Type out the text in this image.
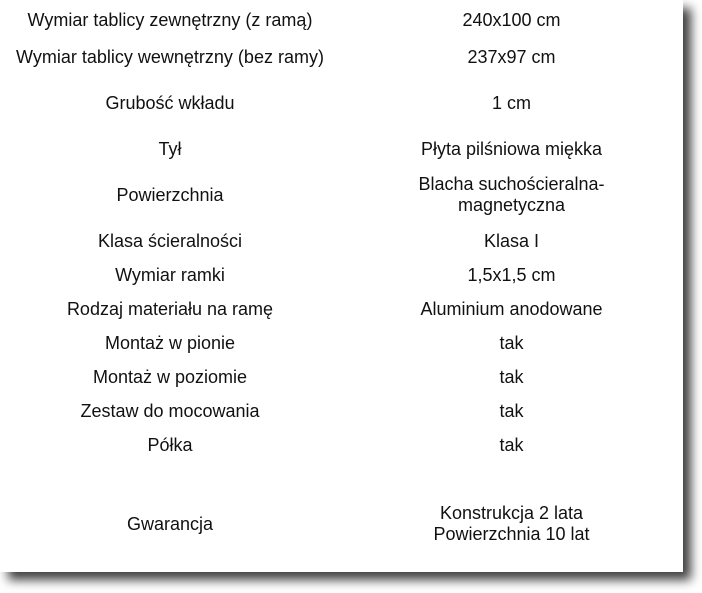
Wymiar tablicy zewnętrzny (z ramą)	240x100 cm
Wymiar tablicy wewnętrzny (bez ramy)	237x97 cm
Grubość wkładu	1 cm
Tył	Płyta pilśniowa miękka
Powierzchnia	Blacha suchościeralna-
magnetyczna
Klasa ścieralności	Klasa I
Wymiar ramki	1,5x1,5 cm
Rodzaj materiału na ramę	Aluminium anodowane
Montaż w pionie	tak
Montaż w poziomie	tak
Zestaw do mocowania	tak
Półka	tak
Gwarancja	Konstrukcja 2 lata
Powierzchnia 10 lat
